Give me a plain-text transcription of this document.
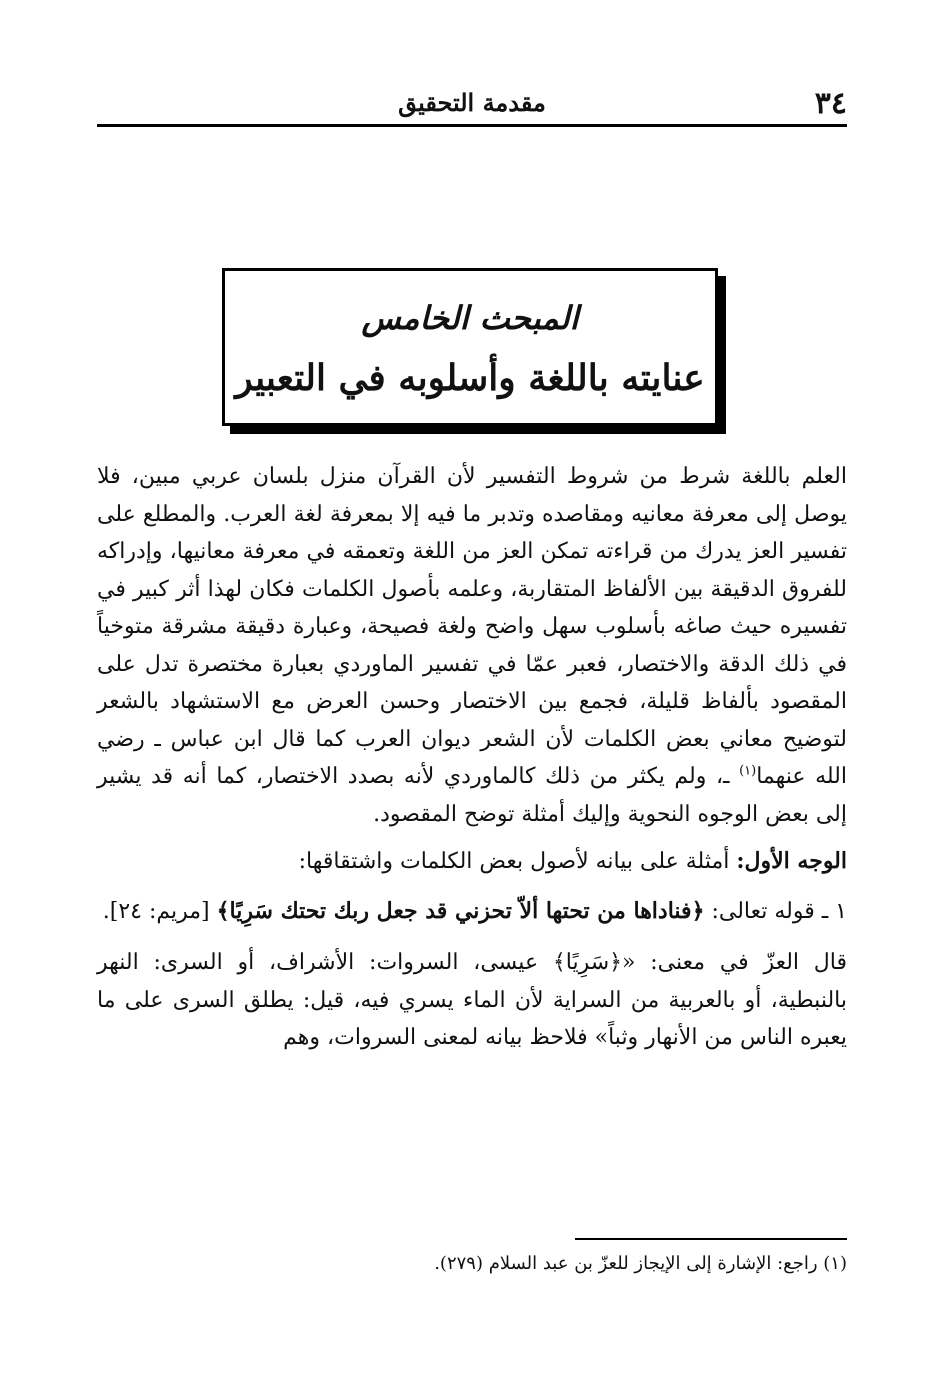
٣٤
مقدمة التحقيق
المبحث الخامس
عنايته باللغة وأسلوبه في التعبير

العلم باللغة شرط من شروط التفسير لأن القرآن منزل بلسان عربي مبين، فلا يوصل إلى معرفة معانيه ومقاصده وتدبر ما فيه إلا بمعرفة لغة العرب. والمطلع على تفسير العز يدرك من قراءته تمكن العز من اللغة وتعمقه في معرفة معانيها، وإدراكه للفروق الدقيقة بين الألفاظ المتقاربة، وعلمه بأصول الكلمات فكان لهذا أثر كبير في تفسيره حيث صاغه بأسلوب سهل واضح ولغة فصيحة، وعبارة دقيقة مشرقة متوخياً في ذلك الدقة والاختصار، فعبر عمّا في تفسير الماوردي بعبارة مختصرة تدل على المقصود بألفاظ قليلة، فجمع بين الاختصار وحسن العرض مع الاستشهاد بالشعر لتوضيح معاني بعض الكلمات لأن الشعر ديوان العرب كما قال ابن عباس ـ رضي الله عنهما$^{(١)}$ ـ، ولم يكثر من ذلك كالماوردي لأنه بصدد الاختصار، كما أنه قد يشير إلى بعض الوجوه النحوية وإليك أمثلة توضح المقصود.

الوجه الأول: أمثلة على بيانه لأصول بعض الكلمات واشتقاقها:

١ ـ قوله تعالى: ﴿فناداها من تحتها ألاّ تحزني قد جعل ربك تحتك سَرِيًا﴾ [مريم: ٢٤].

قال العزّ في معنى: «﴿سَرِيًا﴾ عيسى، السروات: الأشراف، أو السرى: النهر بالنبطية، أو بالعربية من السراية لأن الماء يسري فيه، قيل: يطلق السرى على ما يعبره الناس من الأنهار وثباً» فلاحظ بيانه لمعنى السروات، وهم

(١) راجع: الإشارة إلى الإيجاز للعزّ بن عبد السلام (٢٧٩).
